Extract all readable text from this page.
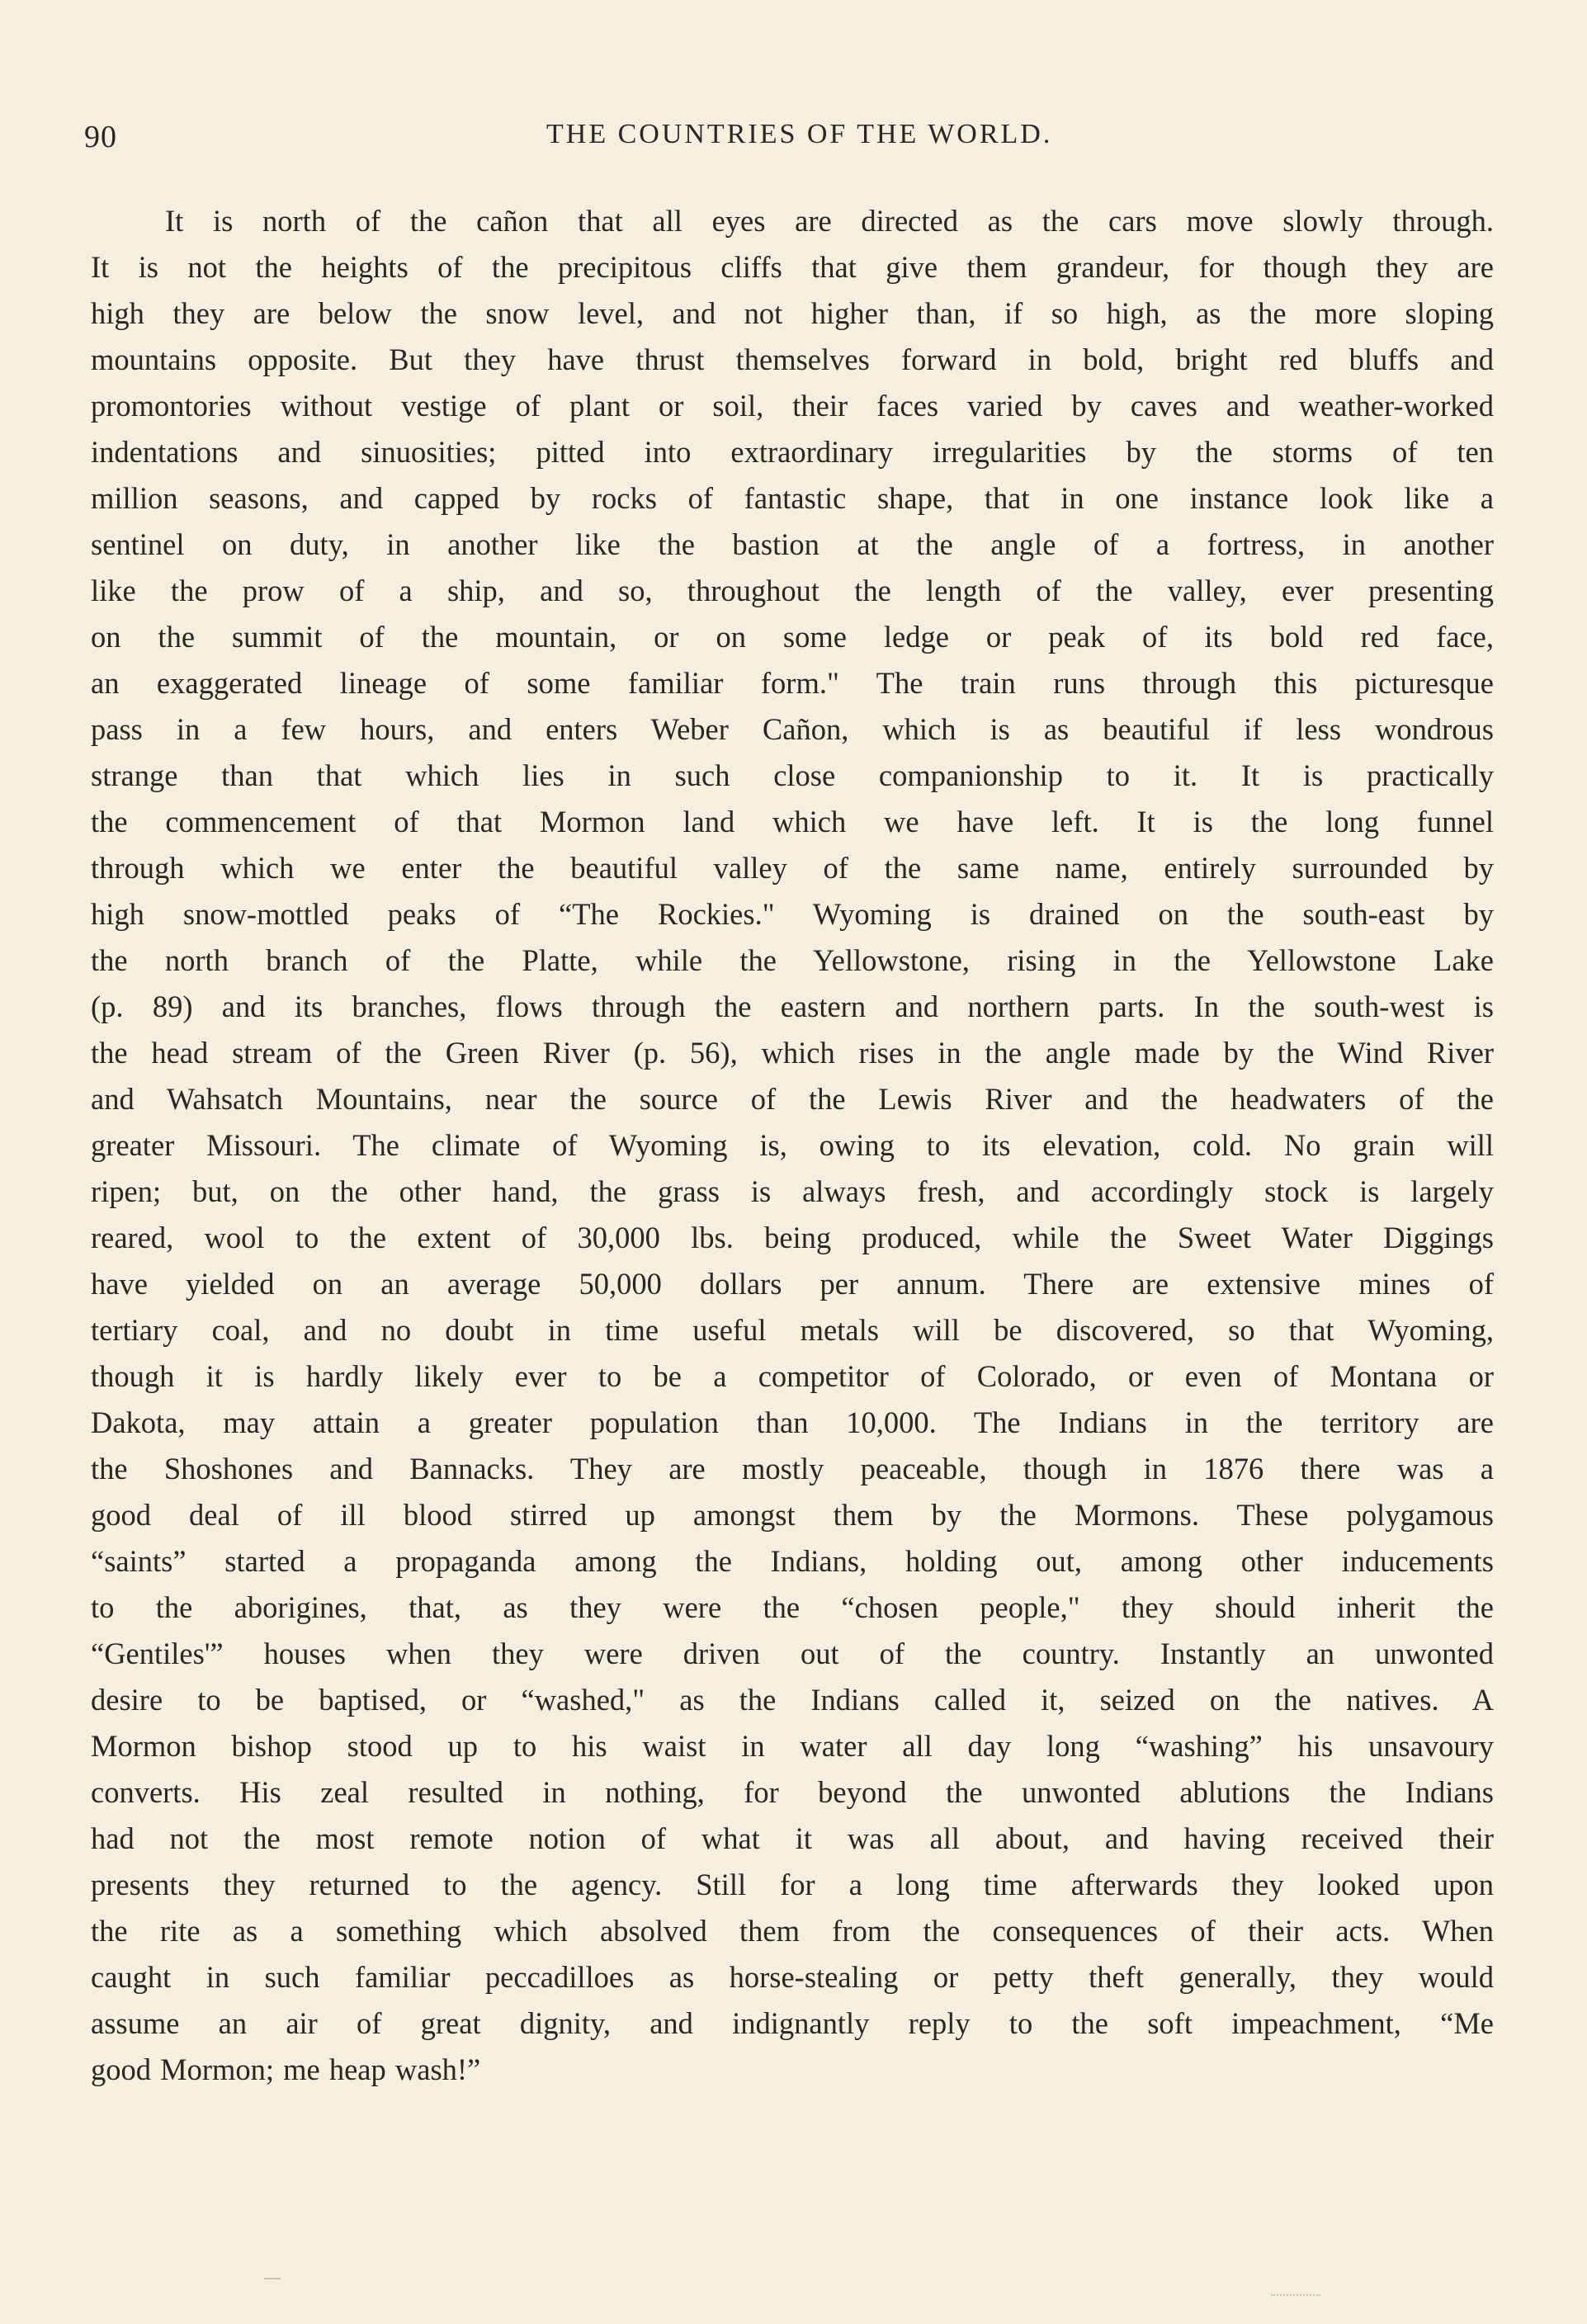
90	THE COUNTRIES OF THE WORLD.
It is north of the cañon that all eyes are directed as the cars move slowly through.
It is not the heights of the precipitous cliffs that give them grandeur, for though they are
high they are below the snow level, and not higher than, if so high, as the more sloping
mountains opposite. But they have thrust themselves forward in bold, bright red bluffs and
promontories without vestige of plant or soil, their faces varied by caves and weather-worked
indentations and sinuosities; pitted into extraordinary irregularities by the storms of ten
million seasons, and capped by rocks of fantastic shape, that in one instance look like a
sentinel on duty, in another like the bastion at the angle of a fortress, in another
like the prow of a ship, and so, throughout the length of the valley, ever presenting
on the summit of the mountain, or on some ledge or peak of its bold red face,
an exaggerated lineage of some familiar form." The train runs through this picturesque
pass in a few hours, and enters Weber Cañon, which is as beautiful if less wondrous
strange than that which lies in such close companionship to it. It is practically
the commencement of that Mormon land which we have left. It is the long funnel
through which we enter the beautiful valley of the same name, entirely surrounded by
high snow-mottled peaks of “The Rockies." Wyoming is drained on the south-east by
the north branch of the Platte, while the Yellowstone, rising in the Yellowstone Lake
(p. 89) and its branches, flows through the eastern and northern parts. In the south-west is
the head stream of the Green River (p. 56), which rises in the angle made by the Wind River
and Wahsatch Mountains, near the source of the Lewis River and the headwaters of the
greater Missouri. The climate of Wyoming is, owing to its elevation, cold. No grain will
ripen; but, on the other hand, the grass is always fresh, and accordingly stock is largely
reared, wool to the extent of 30,000 lbs. being produced, while the Sweet Water Diggings
have yielded on an average 50,000 dollars per annum. There are extensive mines of
tertiary coal, and no doubt in time useful metals will be discovered, so that Wyoming,
though it is hardly likely ever to be a competitor of Colorado, or even of Montana or
Dakota, may attain a greater population than 10,000. The Indians in the territory are
the Shoshones and Bannacks. They are mostly peaceable, though in 1876 there was a
good deal of ill blood stirred up amongst them by the Mormons. These polygamous
“saints” started a propaganda among the Indians, holding out, among other inducements
to the aborigines, that, as they were the “chosen people," they should inherit the
“Gentiles'” houses when they were driven out of the country. Instantly an unwonted
desire to be baptised, or “washed," as the Indians called it, seized on the natives. A
Mormon bishop stood up to his waist in water all day long “washing” his unsavoury
converts. His zeal resulted in nothing, for beyond the unwonted ablutions the Indians
had not the most remote notion of what it was all about, and having received their
presents they returned to the agency. Still for a long time afterwards they looked upon
the rite as a something which absolved them from the consequences of their acts. When
caught in such familiar peccadilloes as horse-stealing or petty theft generally, they would
assume an air of great dignity, and indignantly reply to the soft impeachment, “Me
good Mormon; me heap wash!”
